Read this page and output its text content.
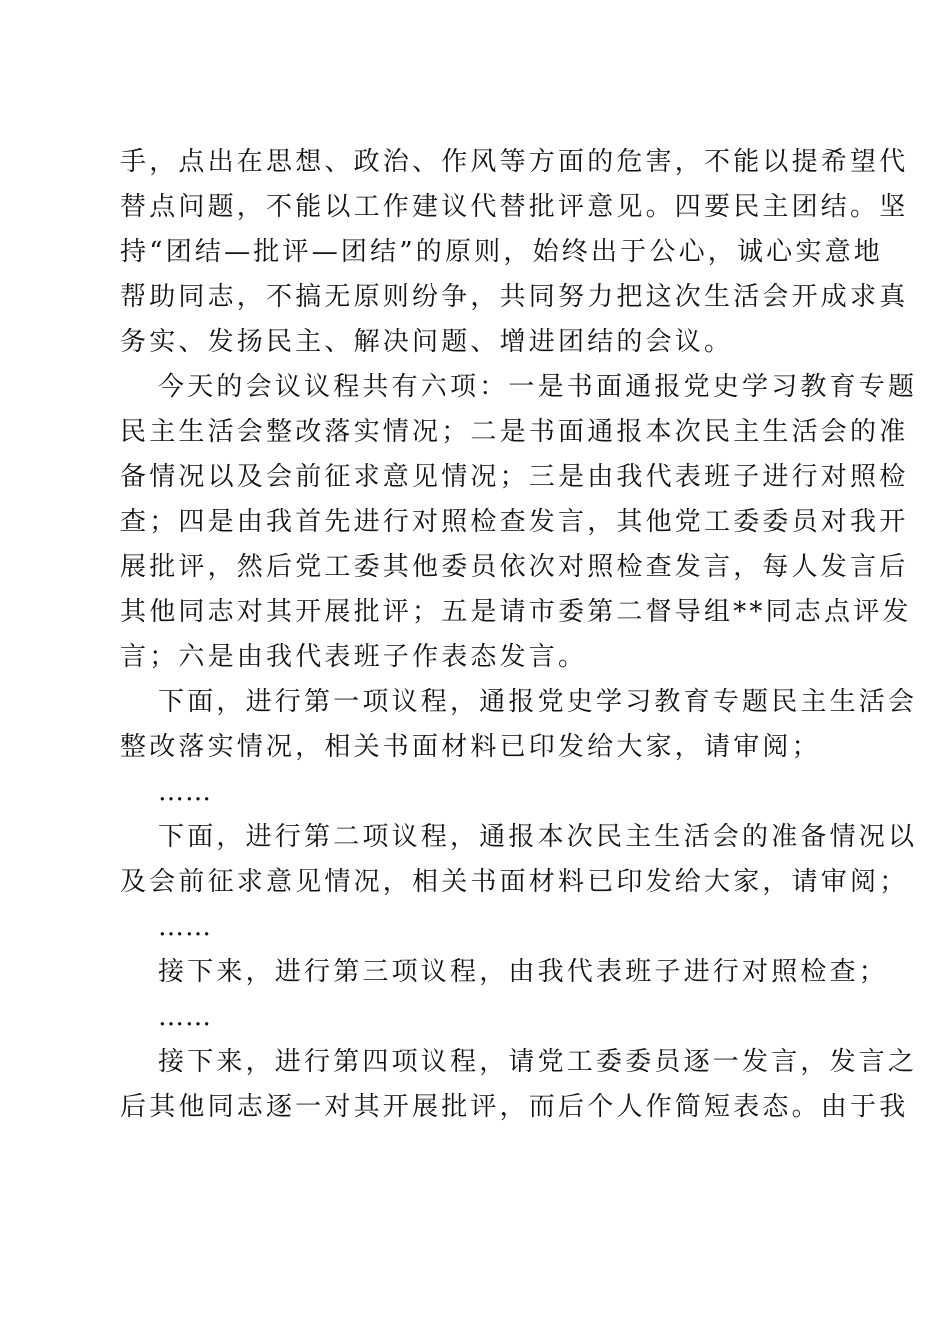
手，点出在思想、政治、作风等方面的危害，不能以提希望代
替点问题，不能以工作建议代替批评意见。四要民主团结。坚
持“团结—批评—团结”的原则，始终出于公心，诚心实意地
帮助同志，不搞无原则纷争，共同努力把这次生活会开成求真
务实、发扬民主、解决问题、增进团结的会议。
今天的会议议程共有六项：一是书面通报党史学习教育专题
民主生活会整改落实情况；二是书面通报本次民主生活会的准
备情况以及会前征求意见情况；三是由我代表班子进行对照检
查；四是由我首先进行对照检查发言，其他党工委委员对我开
展批评，然后党工委其他委员依次对照检查发言，每人发言后
其他同志对其开展批评；五是请市委第二督导组**同志点评发
言；六是由我代表班子作表态发言。
下面，进行第一项议程，通报党史学习教育专题民主生活会
整改落实情况，相关书面材料已印发给大家，请审阅；
……
下面，进行第二项议程，通报本次民主生活会的准备情况以
及会前征求意见情况，相关书面材料已印发给大家，请审阅；
……
接下来，进行第三项议程，由我代表班子进行对照检查；
……
接下来，进行第四项议程，请党工委委员逐一发言，发言之
后其他同志逐一对其开展批评，而后个人作简短表态。由于我
